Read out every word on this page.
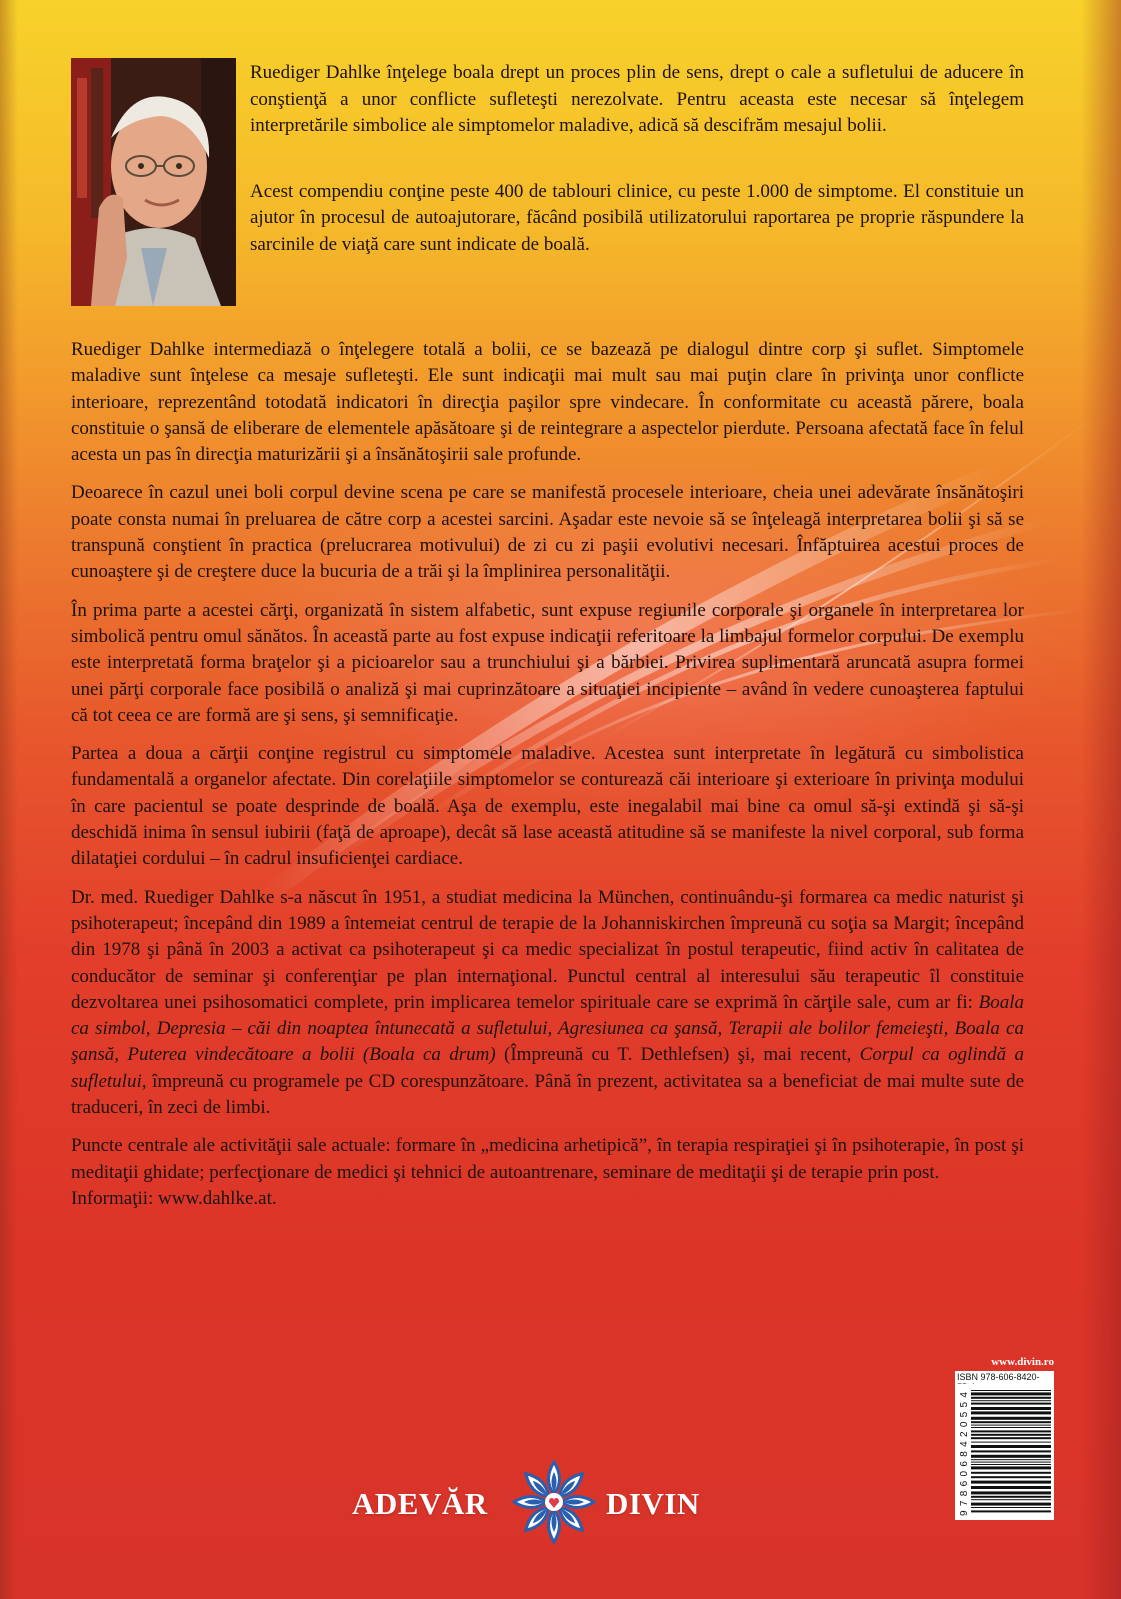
Ruediger Dahlke înţelege boala drept un proces plin de sens, drept o cale a sufletului de aducere în conştienţă a unor conflicte sufleteşti nerezolvate. Pentru aceasta este necesar să înţelegem interpretările simbolice ale simptomelor maladive, adică să descifrăm mesajul bolii.

Acest compendiu conţine peste 400 de tablouri clinice, cu peste 1.000 de simptome. El constituie un ajutor în procesul de autoajutorare, făcând posibilă utilizatorului raportarea pe proprie răspundere la sarcinile de viaţă care sunt indicate de boală.

Ruediger Dahlke intermediază o înţelegere totală a bolii, ce se bazează pe dialogul dintre corp şi suflet. Simptomele maladive sunt înţelese ca mesaje sufleteşti. Ele sunt indicaţii mai mult sau mai puţin clare în privinţa unor conflicte interioare, reprezentând totodată indicatori în direcţia paşilor spre vindecare. În conformitate cu această părere, boala constituie o şansă de eliberare de elementele apăsătoare şi de reintegrare a aspectelor pierdute. Persoana afectată face în felul acesta un pas în direcţia maturizării şi a însănătoşirii sale profunde.

Deoarece în cazul unei boli corpul devine scena pe care se manifestă procesele interioare, cheia unei adevărate însănătoşiri poate consta numai în preluarea de către corp a acestei sarcini. Aşadar este nevoie să se înţeleagă interpretarea bolii şi să se transpună conştient în practica (prelucrarea motivului) de zi cu zi paşii evolutivi necesari. Înfăptuirea acestui proces de cunoaştere şi de creştere duce la bucuria de a trăi şi la împlinirea personalităţii.

În prima parte a acestei cărţi, organizată în sistem alfabetic, sunt expuse regiunile corporale şi organele în interpretarea lor simbolică pentru omul sănătos. În această parte au fost expuse indicaţii referitoare la limbajul formelor corpului. De exemplu este interpretată forma braţelor şi a picioarelor sau a trunchiului şi a bărbiei. Privirea suplimentară aruncată asupra formei unei părţi corporale face posibilă o analiză şi mai cuprinzătoare a situaţiei incipiente – având în vedere cunoaşterea faptului că tot ceea ce are formă are şi sens, şi semnificaţie.

Partea a doua a cărţii conţine registrul cu simptomele maladive. Acestea sunt interpretate în legătură cu simbolistica fundamentală a organelor afectate. Din corelaţiile simptomelor se conturează căi interioare şi exterioare în privinţa modului în care pacientul se poate desprinde de boală. Aşa de exemplu, este inegalabil mai bine ca omul să-şi extindă şi să-şi deschidă inima în sensul iubirii (faţă de aproape), decât să lase această atitudine să se manifeste la nivel corporal, sub forma dilataţiei cordului – în cadrul insuficienţei cardiace.

Dr. med. Ruediger Dahlke s-a născut în 1951, a studiat medicina la München, continuându-şi formarea ca medic naturist şi psihoterapeut; începând din 1989 a întemeiat centrul de terapie de la Johanniskirchen împreună cu soţia sa Margit; începând din 1978 şi până în 2003 a activat ca psihoterapeut şi ca medic specializat în postul terapeutic, fiind activ în calitatea de conducător de seminar şi conferenţiar pe plan internaţional. Punctul central al interesului său terapeutic îl constituie dezvoltarea unei psihosomatici complete, prin implicarea temelor spirituale care se exprimă în cărţile sale, cum ar fi: Boala ca simbol, Depresia – căi din noaptea întunecată a sufletului, Agresiunea ca şansă, Terapii ale bolilor femeieşti, Boala ca şansă, Puterea vindecătoare a bolii (Boala ca drum) (Împreună cu T. Dethlefsen) şi, mai recent, Corpul ca oglindă a sufletului, împreună cu programele pe CD corespunzătoare. Până în prezent, activitatea sa a beneficiat de mai multe sute de traduceri, în zeci de limbi.

Puncte centrale ale activităţii sale actuale: formare în „medicina arhetipică”, în terapia respiraţiei şi în psihoterapie, în post şi meditaţii ghidate; perfecţionare de medici şi tehnici de autoantrenare, seminare de meditaţii şi de terapie prin post.

Informaţii: www.dahlke.at.

www.divin.ro
ISBN 978-606-8420-
9786068420554
ADEVĂR	DIVIN
